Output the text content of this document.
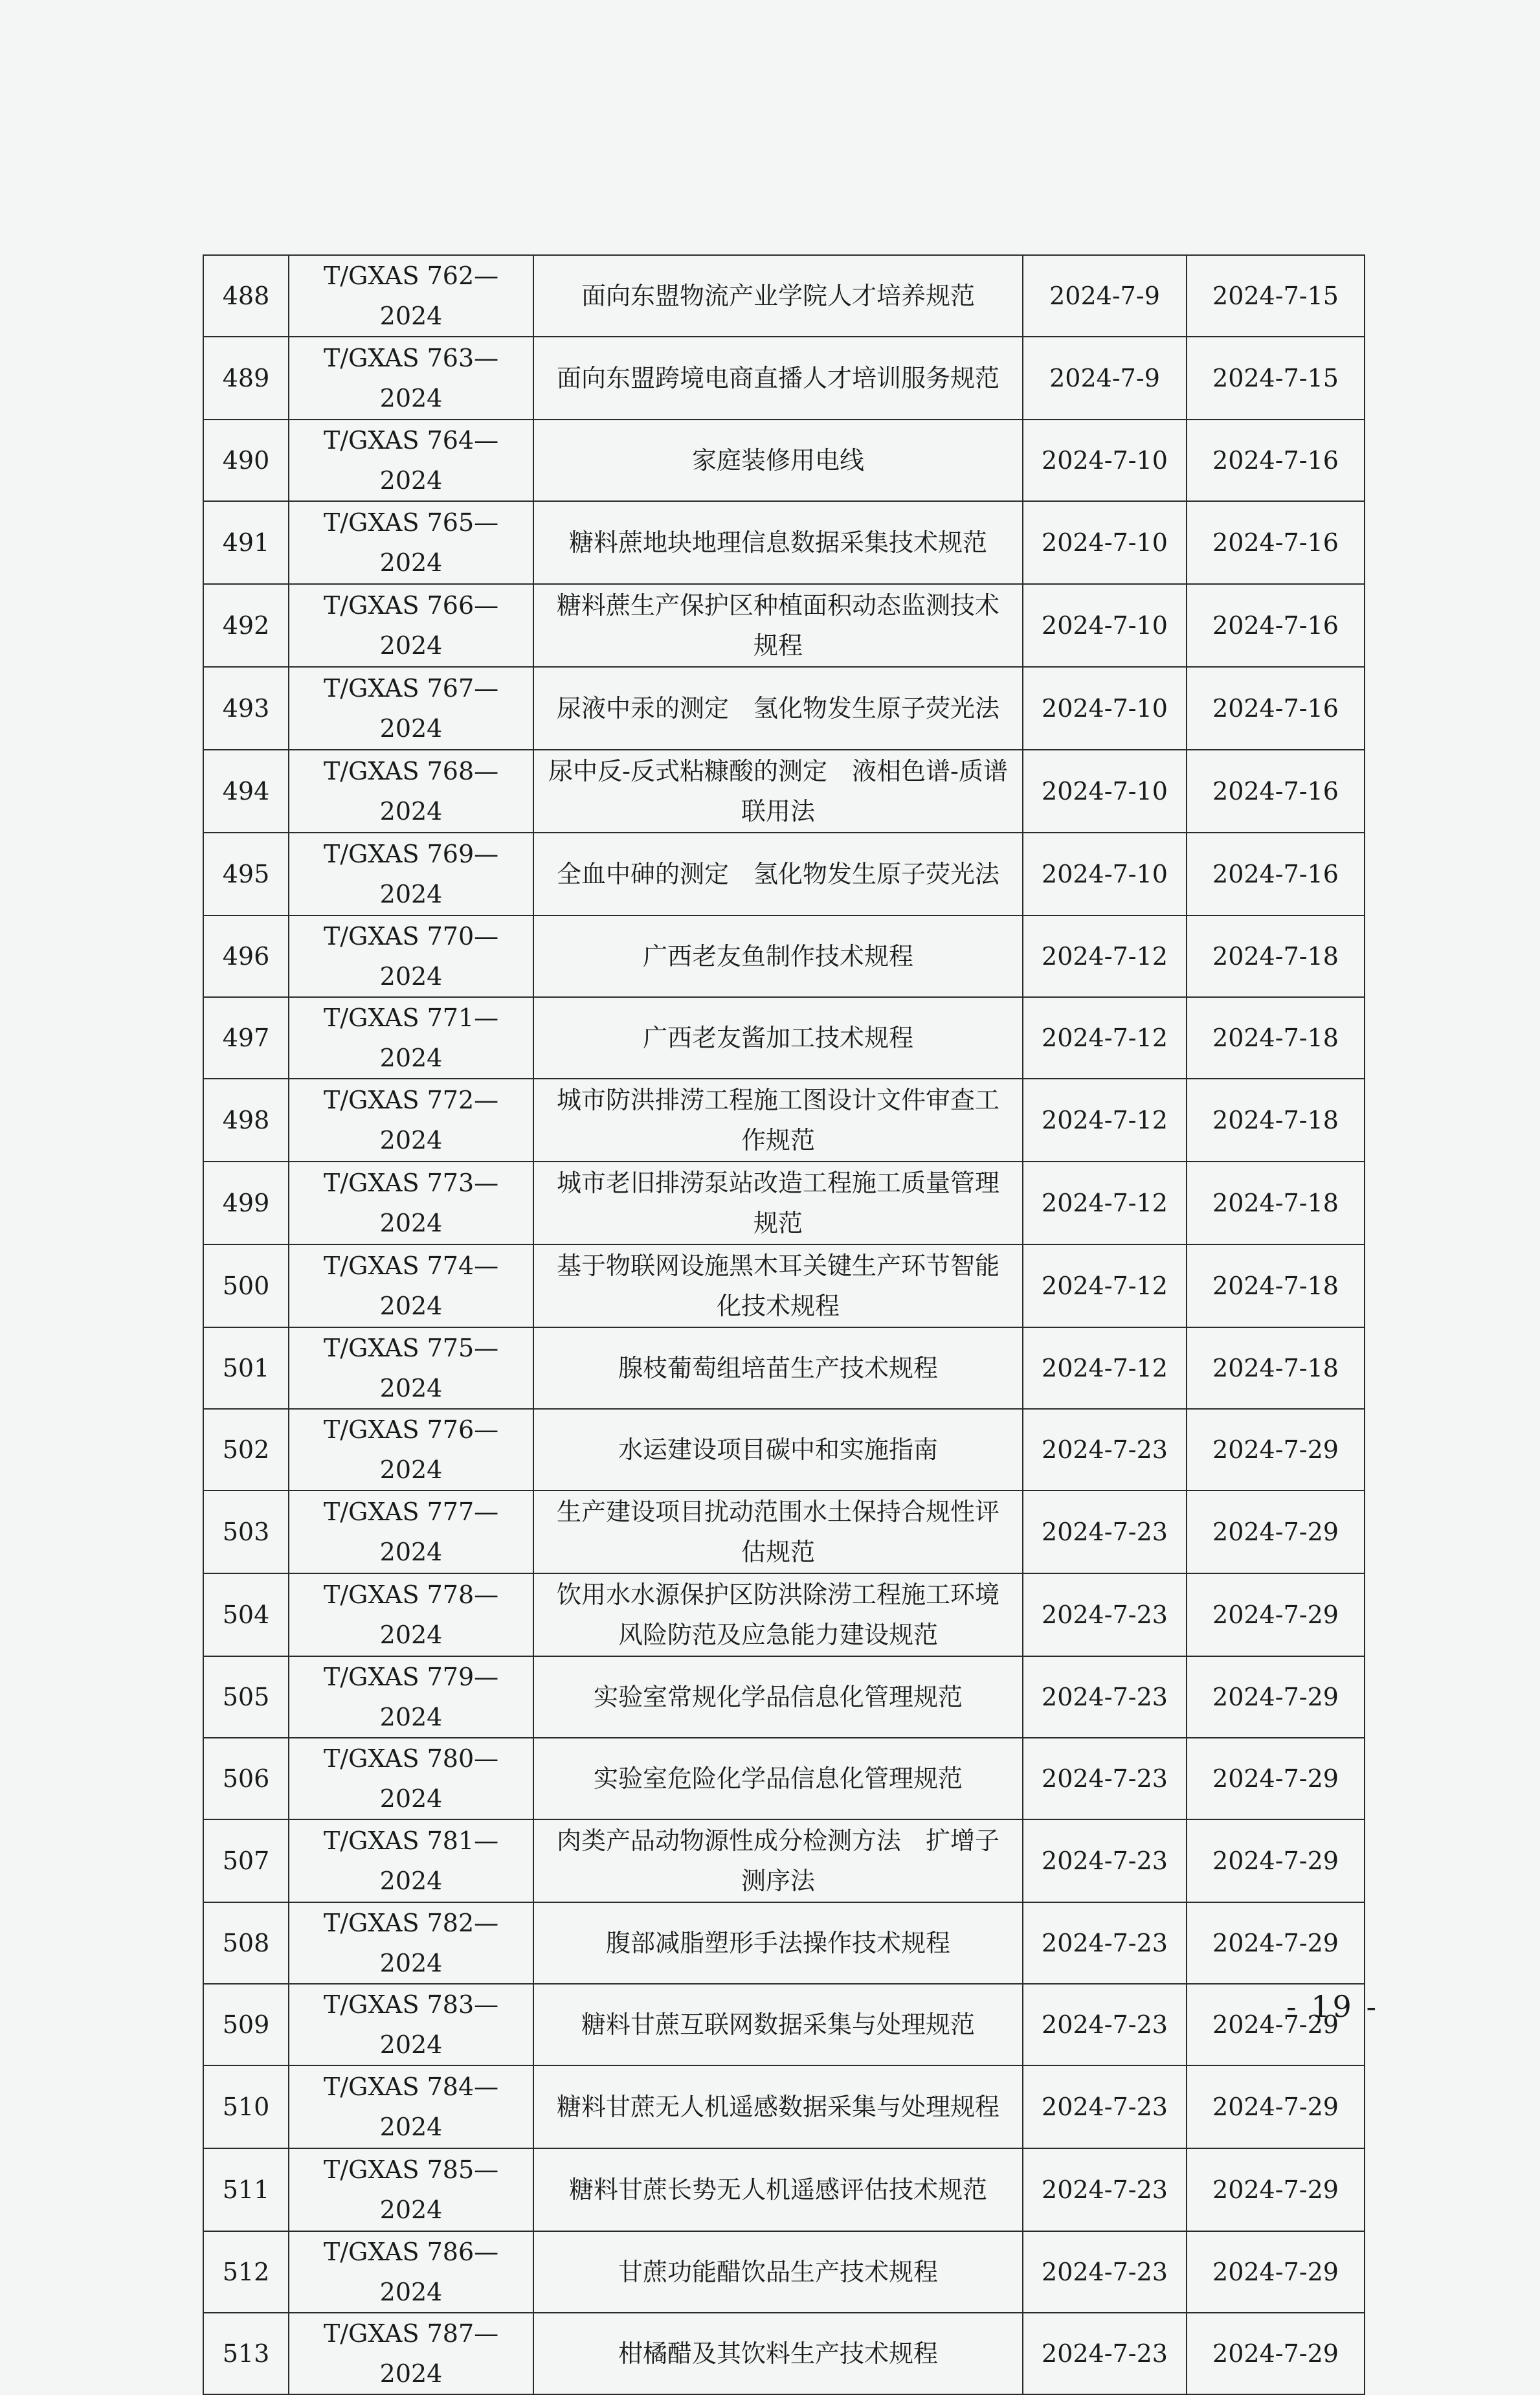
488	T/GXAS 762—2024	面向东盟物流产业学院人才培养规范	2024-7-9	2024-7-15
489	T/GXAS 763—2024	面向东盟跨境电商直播人才培训服务规范	2024-7-9	2024-7-15
490	T/GXAS 764—2024	家庭装修用电线	2024-7-10	2024-7-16
491	T/GXAS 765—2024	糖料蔗地块地理信息数据采集技术规范	2024-7-10	2024-7-16
492	T/GXAS 766—2024	糖料蔗生产保护区种植面积动态监测技术规程	2024-7-10	2024-7-16
493	T/GXAS 767—2024	尿液中汞的测定　氢化物发生原子荧光法	2024-7-10	2024-7-16
494	T/GXAS 768—2024	尿中反-反式粘糠酸的测定　液相色谱-质谱联用法	2024-7-10	2024-7-16
495	T/GXAS 769—2024	全血中砷的测定　氢化物发生原子荧光法	2024-7-10	2024-7-16
496	T/GXAS 770—2024	广西老友鱼制作技术规程	2024-7-12	2024-7-18
497	T/GXAS 771—2024	广西老友酱加工技术规程	2024-7-12	2024-7-18
498	T/GXAS 772—2024	城市防洪排涝工程施工图设计文件审查工作规范	2024-7-12	2024-7-18
499	T/GXAS 773—2024	城市老旧排涝泵站改造工程施工质量管理规范	2024-7-12	2024-7-18
500	T/GXAS 774—2024	基于物联网设施黑木耳关键生产环节智能化技术规程	2024-7-12	2024-7-18
501	T/GXAS 775—2024	腺枝葡萄组培苗生产技术规程	2024-7-12	2024-7-18
502	T/GXAS 776—2024	水运建设项目碳中和实施指南	2024-7-23	2024-7-29
503	T/GXAS 777—2024	生产建设项目扰动范围水土保持合规性评估规范	2024-7-23	2024-7-29
504	T/GXAS 778—2024	饮用水水源保护区防洪除涝工程施工环境风险防范及应急能力建设规范	2024-7-23	2024-7-29
505	T/GXAS 779—2024	实验室常规化学品信息化管理规范	2024-7-23	2024-7-29
506	T/GXAS 780—2024	实验室危险化学品信息化管理规范	2024-7-23	2024-7-29
507	T/GXAS 781—2024	肉类产品动物源性成分检测方法　扩增子测序法	2024-7-23	2024-7-29
508	T/GXAS 782—2024	腹部减脂塑形手法操作技术规程	2024-7-23	2024-7-29
509	T/GXAS 783—2024	糖料甘蔗互联网数据采集与处理规范	2024-7-23	2024-7-29
510	T/GXAS 784—2024	糖料甘蔗无人机遥感数据采集与处理规程	2024-7-23	2024-7-29
511	T/GXAS 785—2024	糖料甘蔗长势无人机遥感评估技术规范	2024-7-23	2024-7-29
512	T/GXAS 786—2024	甘蔗功能醋饮品生产技术规程	2024-7-23	2024-7-29
513	T/GXAS 787—2024	柑橘醋及其饮料生产技术规程	2024-7-23	2024-7-29
- 19 -
